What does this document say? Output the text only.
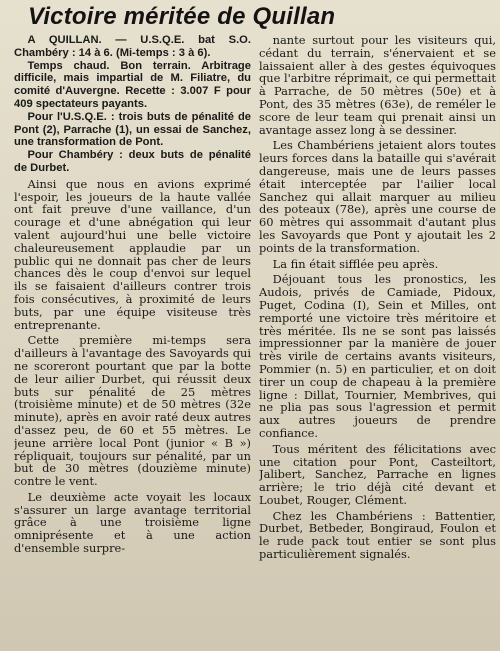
Victoire méritée de Quillan

A QUILLAN. — U.S.Q.E. bat S.O. Chambéry : 14 à 6. (Mi-temps : 3 à 6).

Temps chaud. Bon terrain. Arbitrage difficile, mais impartial de M. Filiatre, du comité d'Auvergne. Recette : 3.007 F pour 409 spectateurs payants.

Pour l'U.S.Q.E. : trois buts de pénalité de Pont (2), Parrache (1), un essai de Sanchez, une transformation de Pont.

Pour Chambéry : deux buts de pénalité de Durbet.

Ainsi que nous en avions exprimé l'espoir, les joueurs de la haute vallée ont fait preuve d'une vaillance, d'un courage et d'une abnégation qui leur valent aujourd'hui une belle victoire chaleureusement applaudie par un public qui ne donnait pas cher de leurs chances dès le coup d'envoi sur lequel ils se faisaient d'ailleurs contrer trois fois consécutives, à proximité de leurs buts, par une équipe visiteuse très entreprenante.

Cette première mi-temps sera d'ailleurs à l'avantage des Savoyards qui ne scoreront pourtant que par la botte de leur ailier Durbet, qui réussit deux buts sur pénalité de 25 mètres (troisième minute) et de 50 mètres (32e minute), après en avoir raté deux autres d'assez peu, de 60 et 55 mètres. Le jeune arrière local Pont (junior « B ») répliquait, toujours sur pénalité, par un but de 30 mètres (douzième minute) contre le vent.

Le deuxième acte voyait les locaux s'assurer un large avantage territorial grâce à une troisième ligne omniprésente et à une action d'ensemble surpre-

nante surtout pour les visiteurs qui, cédant du terrain, s'énervaient et se laissaient aller à des gestes équivoques que l'arbitre réprimait, ce qui permettait à Parrache, de 50 mètres (50e) et à Pont, des 35 mètres (63e), de reméler le score de leur team qui prenait ainsi un avantage assez long à se dessiner.

Les Chambériens jetaient alors toutes leurs forces dans la bataille qui s'avérait dangereuse, mais une de leurs passes était interceptée par l'ailier local Sanchez qui allait marquer au milieu des poteaux (78e), après une course de 60 mètres qui assommait d'autant plus les Savoyards que Pont y ajoutait les 2 points de la transformation.

La fin était sifflée peu après.

Déjouant tous les pronostics, les Audois, privés de Camiade, Pidoux, Puget, Codina (I), Sein et Milles, ont remporté une victoire très méritoire et très méritée. Ils ne se sont pas laissés impressionner par la manière de jouer très virile de certains avants visiteurs, Pommier (n. 5) en particulier, et on doit tirer un coup de chapeau à la première ligne : Dillat, Tournier, Membrives, qui ne plia pas sous l'agression et permit aux autres joueurs de prendre confiance.

Tous méritent des félicitations avec une citation pour Pont, Casteiltort, Jalibert, Sanchez, Parrache en lignes arrière; le trio déjà cité devant et Loubet, Rouger, Clément.

Chez les Chambériens : Battentier, Durbet, Betbeder, Bongiraud, Foulon et le rude pack tout entier se sont plus particulièrement signalés.
